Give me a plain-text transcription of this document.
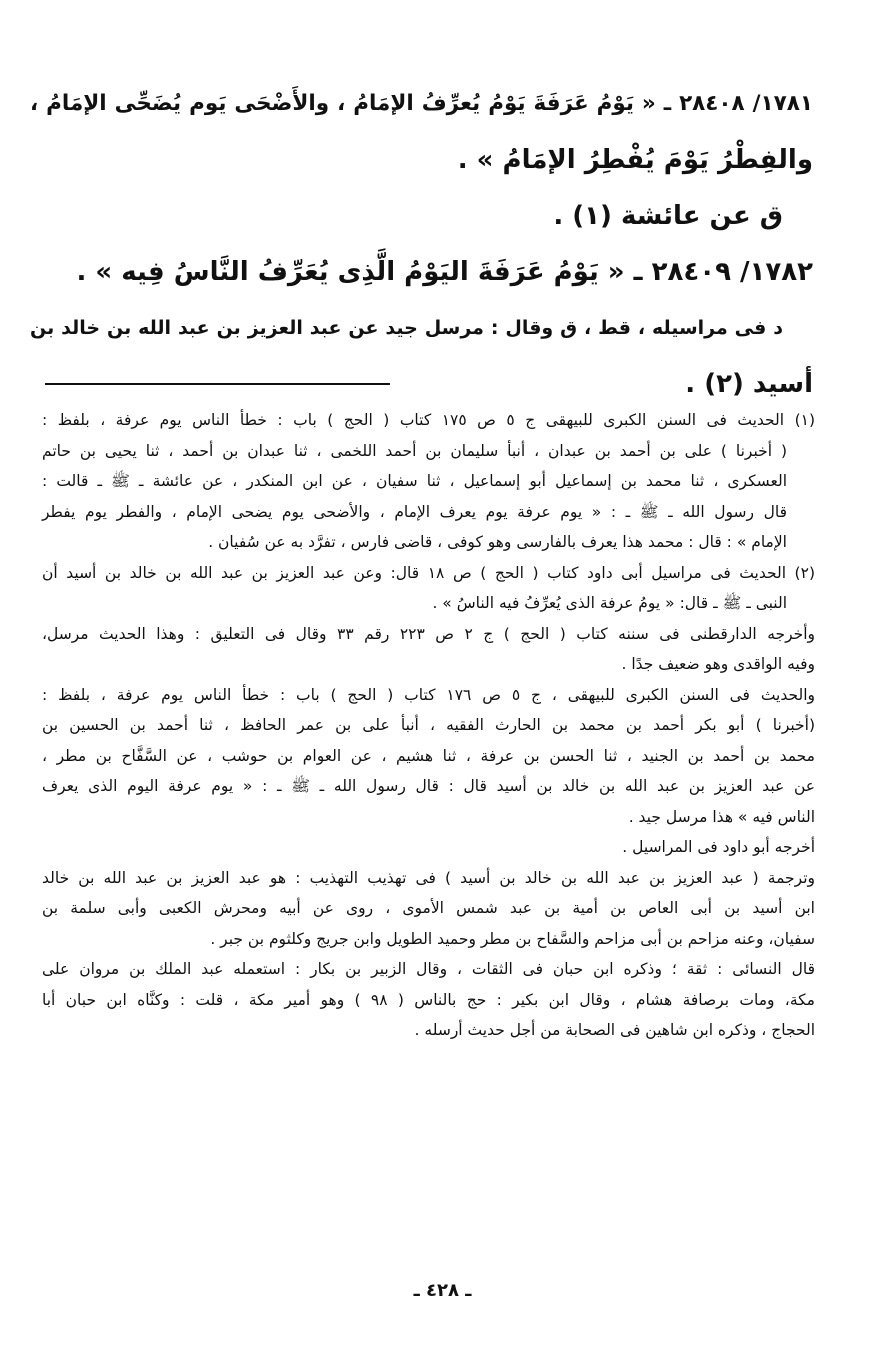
١٧٨١/ ٢٨٤٠٨ ـ « يَوْمُ عَرَفَةَ يَوْمُ يُعرِّفُ الإمَامُ ، والأَضْحَى يَوم يُضَحِّى الإمَامُ ،
والفِطْرُ يَوْمَ يُفْطِرُ الإمَامُ » .
ق عن عائشة (١) .
١٧٨٢/ ٢٨٤٠٩ ـ « يَوْمُ عَرَفَةَ اليَوْمُ الَّذِى يُعَرِّفُ النَّاسُ فِيه » .
د فى مراسيله ، قط ، ق وقال : مرسل جيد عن عبد العزيز بن عبد الله بن خالد بن
أسيد (٢) .
(١) الحديث فى السنن الكبرى للبيهقى ج ٥ ص ١٧٥ كتاب ( الحج ) باب : خطأ الناس يوم عرفة ، بلفظ :
( أخبرنا ) على بن أحمد بن عبدان ، أنبأ سليمان بن أحمد اللخمى ، ثنا عبدان بن أحمد ، ثنا يحيى بن حاتم
العسكرى ، ثنا محمد بن إسماعيل أبو إسماعيل ، ثنا سفيان ، عن ابن المنكدر ، عن عائشة ـ ﷺ ـ قالت :
قال رسول الله ـ ﷺ ـ : « يوم عرفة يوم يعرف الإمام ، والأضحى يوم يضحى الإمام ، والفطر يوم يفطر
الإمام » : قال : محمد هذا يعرف بالفارسى وهو كوفى ، قاضى فارس ، تفرَّد به عن سُفيان .
(٢) الحديث فى مراسيل أبى داود كتاب ( الحج ) ص ١٨ قال: وعن عبد العزيز بن عبد الله بن خالد بن أسيد أن
النبى ـ ﷺ ـ قال: « يومُ عرفة الذى يُعرِّفُ فيه الناسُ » .
وأخرجه الدارقطنى فى سننه كتاب ( الحج ) ج ٢ ص ٢٢٣ رقم ٣٣ وقال فى التعليق : وهذا الحديث مرسل،
وفيه الواقدى وهو ضعيف جدًا .
والحديث فى السنن الكبرى للبيهقى ، ج ٥ ص ١٧٦ كتاب ( الحج ) باب : خطأ الناس يوم عرفة ، بلفظ :
(أخبرنا ) أبو بكر أحمد بن محمد بن الحارث الفقيه ، أنبأ على بن عمر الحافظ ، ثنا أحمد بن الحسين بن
محمد بن أحمد بن الجنيد ، ثنا الحسن بن عرفة ، ثنا هشيم ، عن العوام بن حوشب ، عن السَّفَّاح بن مطر ،
عن عبد العزيز بن عبد الله بن خالد بن أسيد قال : قال رسول الله ـ ﷺ ـ : « يوم عرفة اليوم الذى يعرف
الناس فيه » هذا مرسل جيد .
أخرجه أبو داود فى المراسيل .
وترجمة ( عبد العزيز بن عبد الله بن خالد بن أسيد ) فى تهذيب التهذيب : هو عبد العزيز بن عبد الله بن خالد
ابن أسيد بن أبى العاص بن أمية بن عبد شمس الأموى ، روى عن أبيه ومحرش الكعبى وأبى سلمة بن
سفيان، وعنه مزاحم بن أبى مزاحم والسَّفاح بن مطر وحميد الطويل وابن جريج وكلثوم بن جبر .
قال النسائى : ثقة ؛ وذكره ابن حبان فى الثقات ، وقال الزبير بن بكار : استعمله عبد الملك بن مروان على
مكة، ومات برصافة هشام ، وقال ابن بكير : حج بالناس ( ٩٨ ) وهو أمير مكة ، قلت : وكنَّاه ابن حبان أبا
الحجاج ، وذكره ابن شاهين فى الصحابة من أجل حديث أرسله .
ـ ٤٢٨ ـ
